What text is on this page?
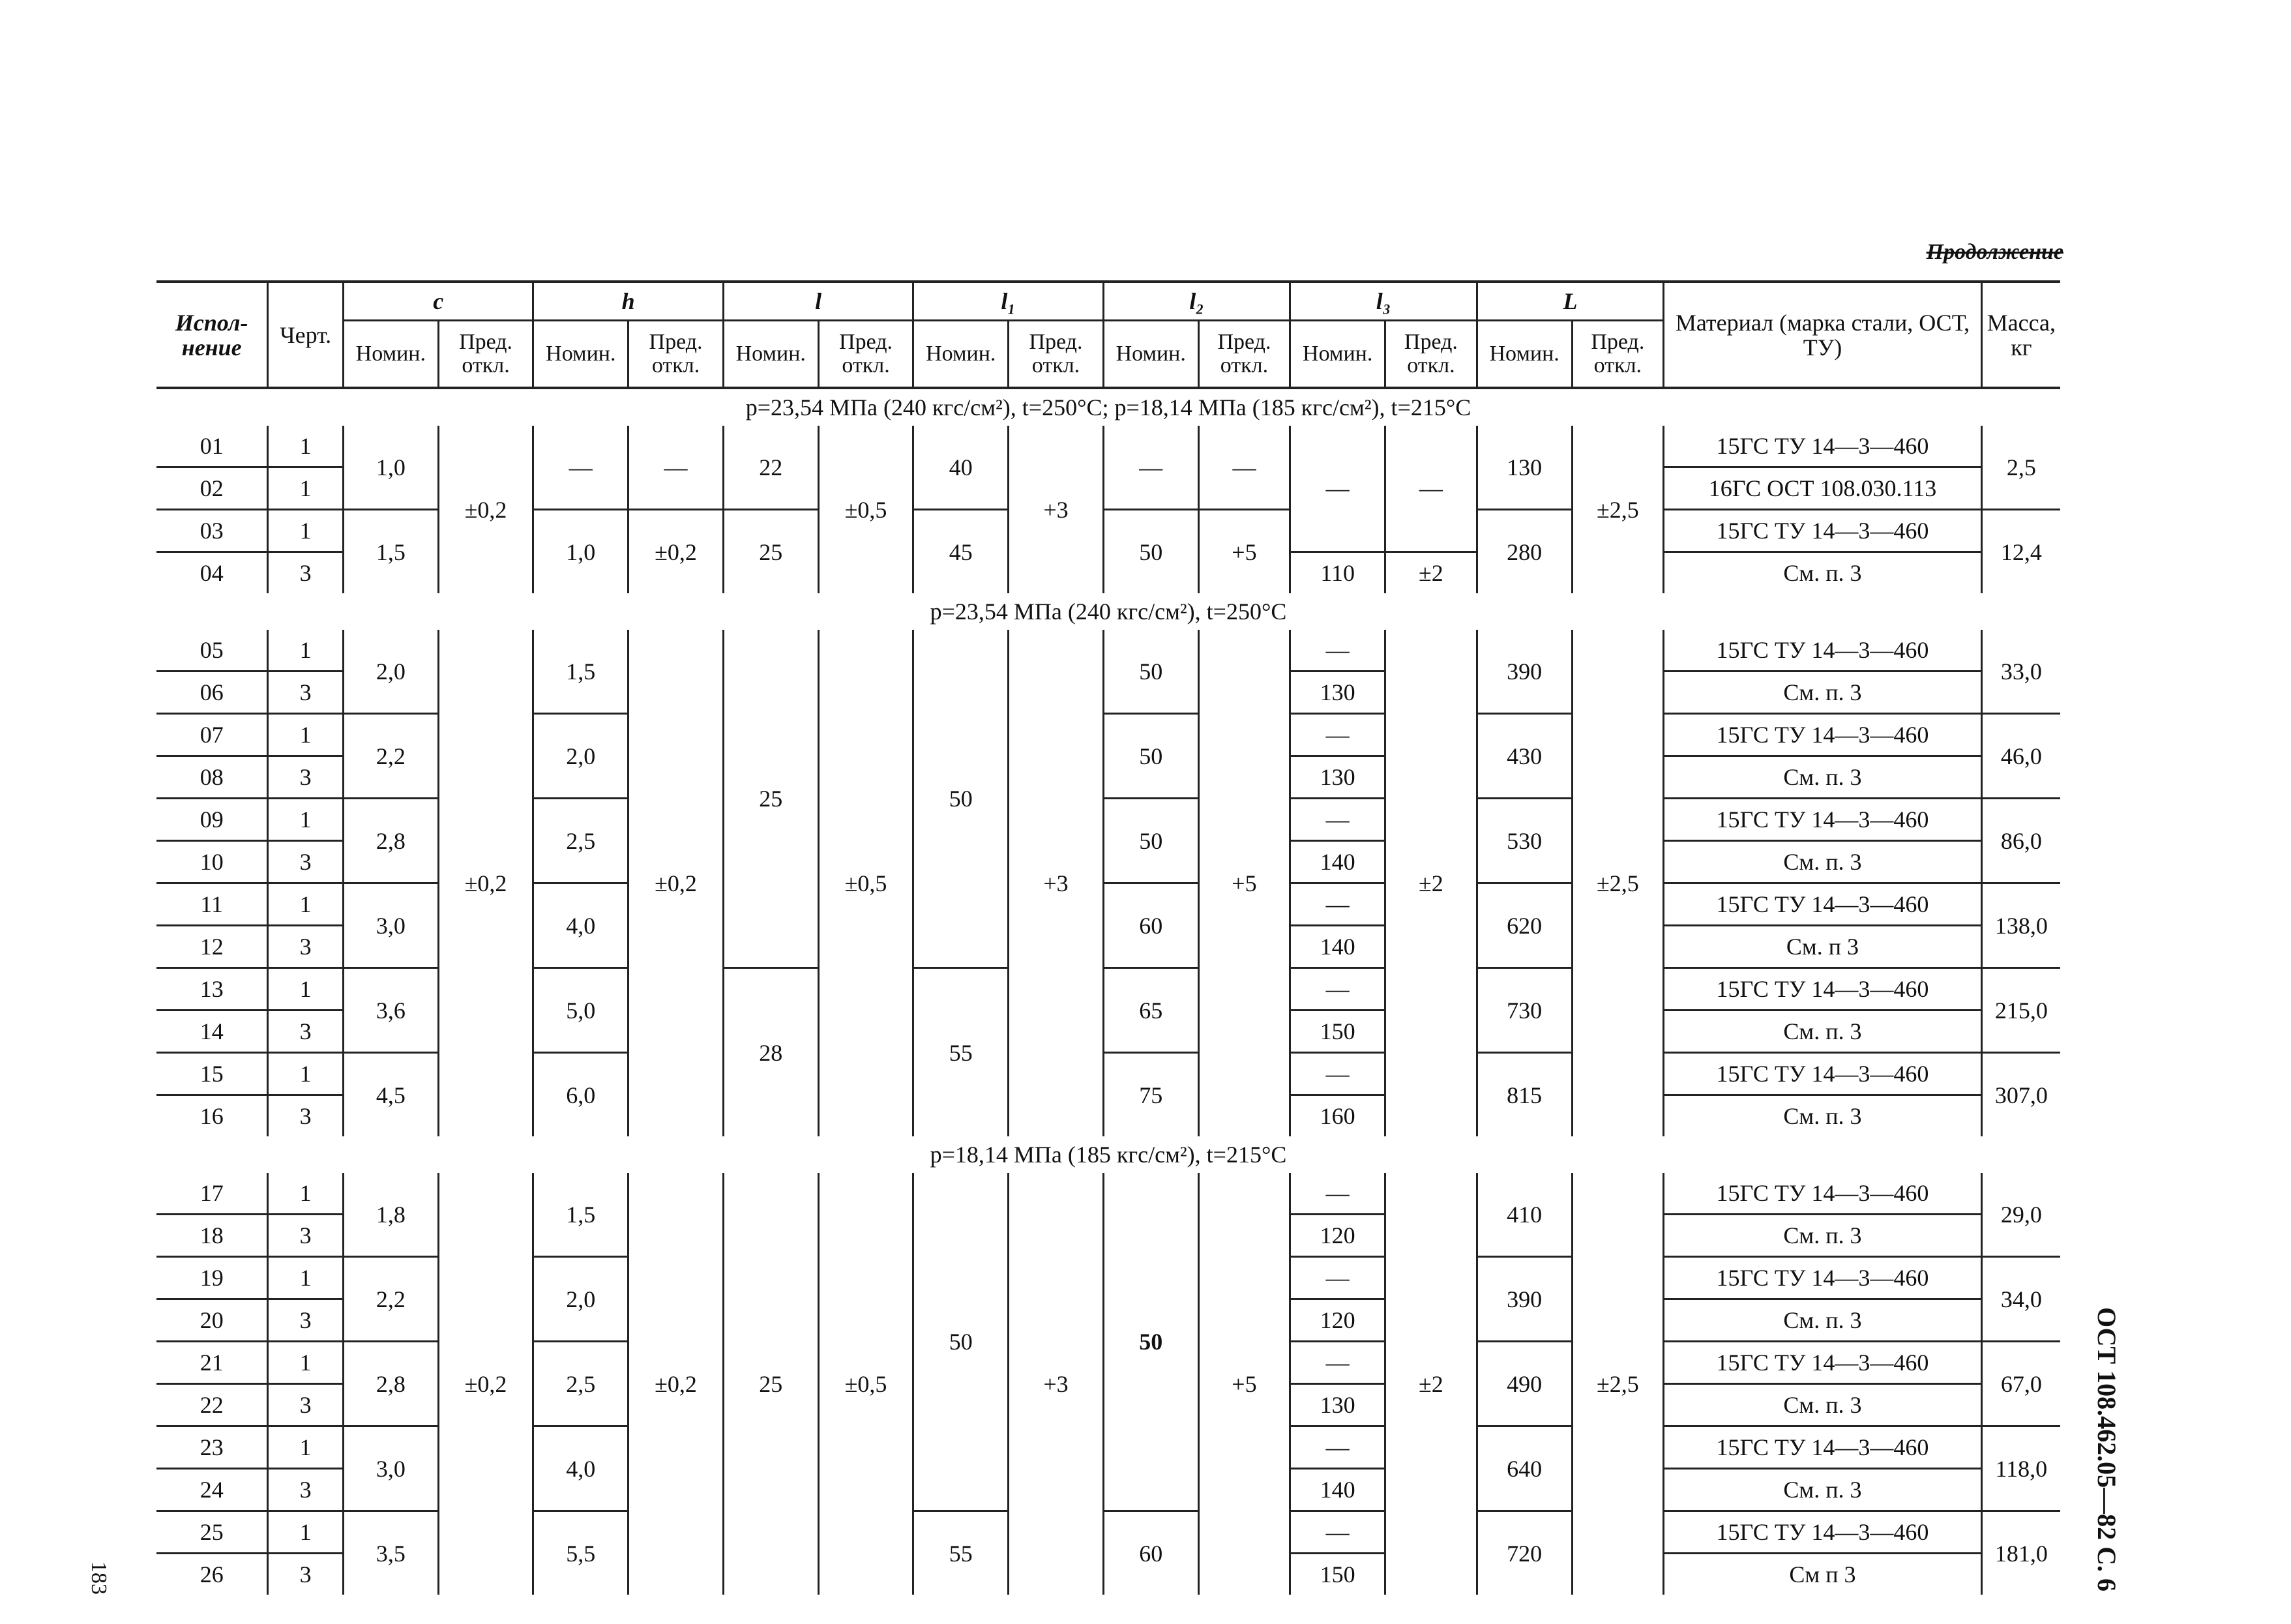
Продолжение
Испол-нение	Черт.	c		h		l		l₁		l₂		l₃		L		Материал (марка стали, ОСТ, ТУ)	Масса, кг
		Номин.	Пред. откл.	Номин.	Пред. откл.	Номин.	Пред. откл.	Номин.	Пред. откл.	Номин.	Пред. откл.	Номин.	Пред. откл.	Номин.	Пред. откл.		
p=23,54 МПа (240 кгс/см²), t=250°C; p=18,14 МПа (185 кгс/см²), t=215°C																	
01	1	1,0	±0,2	—	—	22	±0,5	40	+3	—	—	—	—	130	±2,5	15ГС ТУ 14—3—460	2,5
02	1															16ГС ОСТ 108.030.113	
03	1	1,5		1,0	±0,2	25		45		50	+5			280		15ГС ТУ 14—3—460	12,4
04	3											110	±2			См. п. 3	
p=23,54 МПа (240 кгс/см²), t=250°C																	
05	1	2,0	±0,2	1,5	±0,2	25	±0,5	50	+3	50	+5	—	±2	390	±2,5	15ГС ТУ 14—3—460	33,0
06	3											130				См. п. 3	
07	1	2,2		2,0						50		—		430		15ГС ТУ 14—3—460	46,0
08	3											130				См. п. 3	
09	1	2,8		2,5						50		—		530		15ГС ТУ 14—3—460	86,0
10	3											140				См. п. 3	
11	1	3,0		4,0						60		—		620		15ГС ТУ 14—3—460	138,0
12	3											140				См. п 3	
13	1	3,6		5,0		28		55		65		—		730		15ГС ТУ 14—3—460	215,0
14	3											150				См. п. 3	
15	1	4,5		6,0						75		—		815		15ГС ТУ 14—3—460	307,0
16	3											160				См. п. 3	
p=18,14 МПа (185 кгс/см²), t=215°C																	
17	1	1,8	±0,2	1,5	±0,2	25	±0,5	50	+3	50	+5	—	±2	410	±2,5	15ГС ТУ 14—3—460	29,0
18	3											120				См. п. 3	
19	1	2,2		2,0								—		390		15ГС ТУ 14—3—460	34,0
20	3											120				См. п. 3	
21	1	2,8		2,5								—		490		15ГС ТУ 14—3—460	67,0
22	3											130				См. п. 3	
23	1	3,0		4,0								—		640		15ГС ТУ 14—3—460	118,0
24	3											140				См. п. 3	
25	1	3,5		5,5				55		60		—		720		15ГС ТУ 14—3—460	181,0
26	3											150				См п 3		ОСТ 108.462.05—82 С. 6
183
